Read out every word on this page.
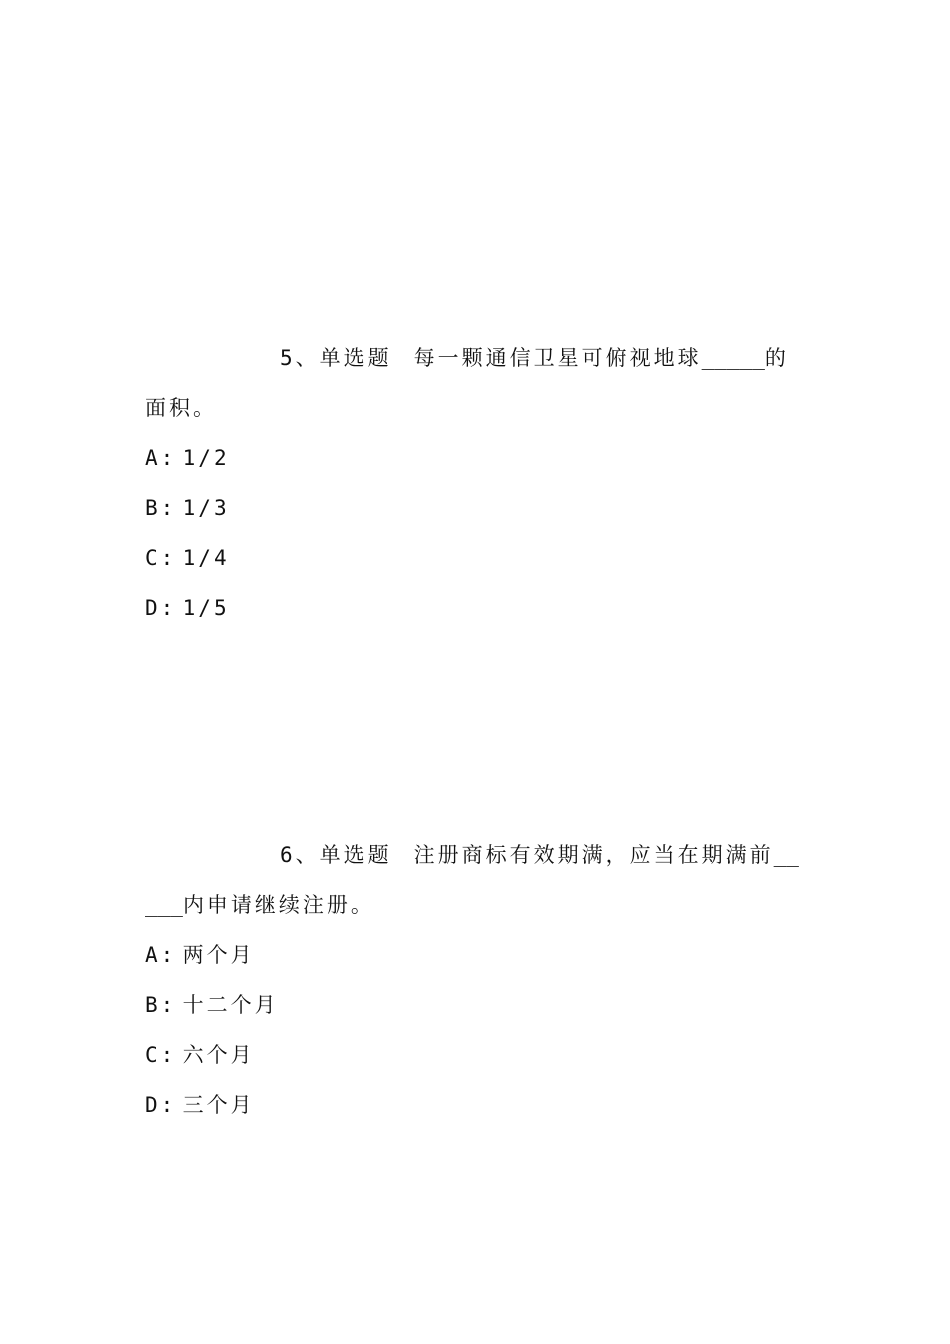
5、单选题 每一颗通信卫星可俯视地球_____的面积。

A: 1/2
B: 1/3
C: 1/4
D: 1/5

6、单选题 注册商标有效期满，应当在期满前_____内申请继续注册。

A: 两个月
B: 十二个月
C: 六个月
D: 三个月
